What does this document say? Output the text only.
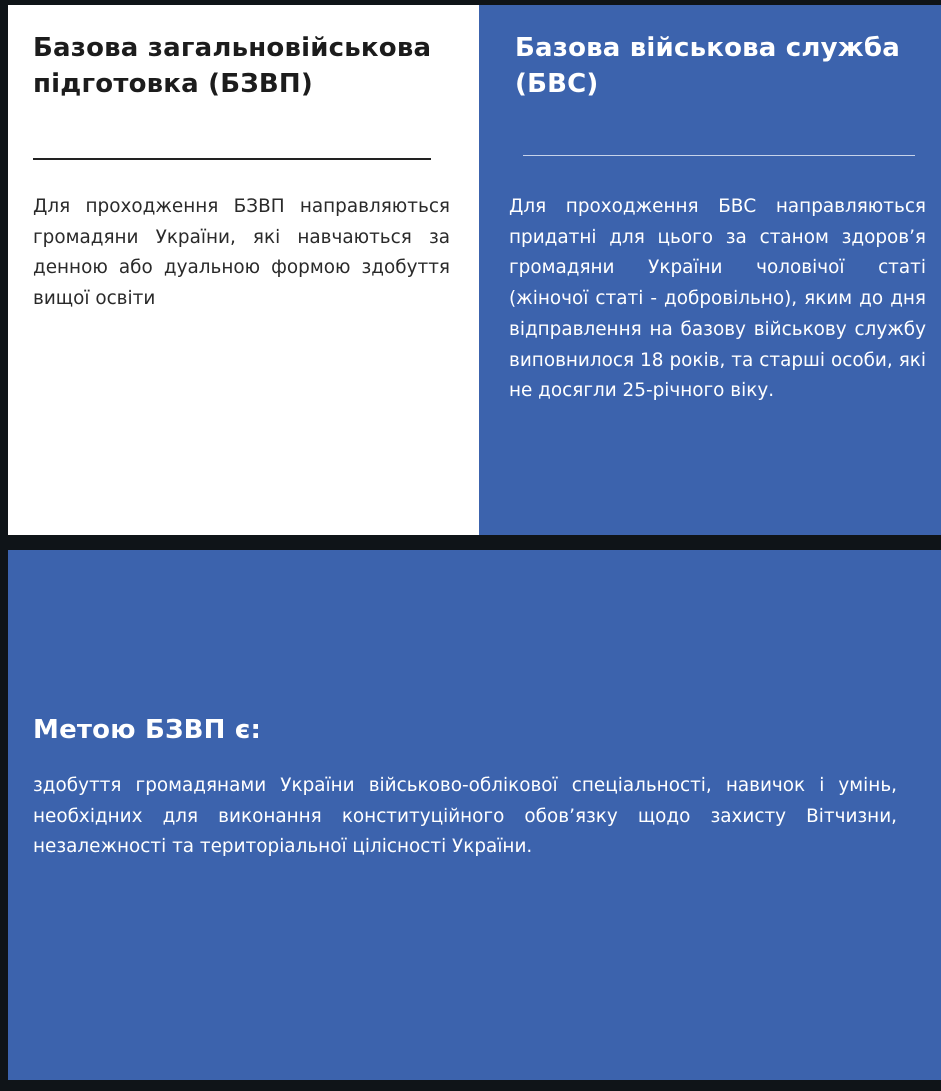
Базова загальновійськова підготовка (БЗВП)

Для проходження БЗВП направляються громадяни України, які навчаються за денною або дуальною формою здобуття вищої освіти

Базова військова служба (БВС)

Для проходження БВС направляються придатні для цього за станом здоров’я громадяни України чоловічої статі (жіночої статі - добровільно), яким до дня відправлення на базову військову службу виповнилося 18 років, та старші особи, які не досягли 25-річного віку.

Метою БЗВП є:

здобуття громадянами України військово-облікової спеціальності, навичок і умінь, необхідних для виконання конституційного обов’язку щодо захисту Вітчизни, незалежності та територіальної цілісності України.
